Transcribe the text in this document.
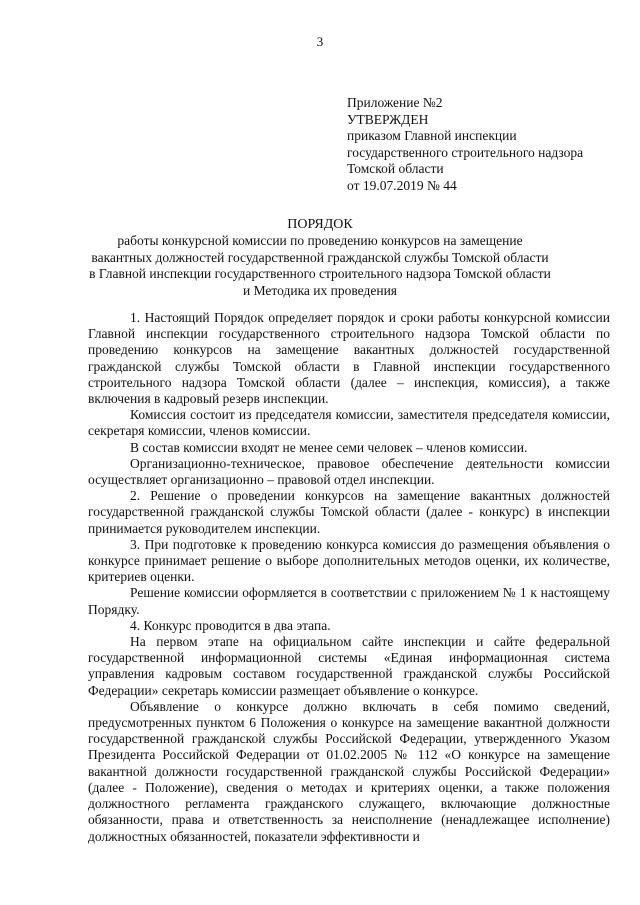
3
Приложение №2
УТВЕРЖДЕН
приказом Главной инспекции
государственного строительного надзора
Томской области
от 19.07.2019 № 44
ПОРЯДОК
работы конкурсной комиссии по проведению конкурсов на замещение вакантных должностей государственной гражданской службы Томской области в Главной инспекции государственного строительного надзора Томской области и Методика их проведения

1. Настоящий Порядок определяет порядок и сроки работы конкурсной комиссии Главной инспекции государственного строительного надзора Томской области по проведению конкурсов на замещение вакантных должностей государственной гражданской службы Томской области в Главной инспекции государственного строительного надзора Томской области (далее – инспекция, комиссия), а также включения в кадровый резерв инспекции.

Комиссия состоит из председателя комиссии, заместителя председателя комиссии, секретаря комиссии, членов комиссии.

В состав комиссии входят не менее семи человек – членов комиссии.

Организационно-техническое, правовое обеспечение деятельности комиссии осуществляет организационно – правовой отдел инспекции.

2. Решение о проведении конкурсов на замещение вакантных должностей государственной гражданской службы Томской области (далее - конкурс) в инспекции принимается руководителем инспекции.

3. При подготовке к проведению конкурса комиссия до размещения объявления о конкурсе принимает решение о выборе дополнительных методов оценки, их количестве, критериев оценки.

Решение комиссии оформляется в соответствии с приложением № 1 к настоящему Порядку.

4. Конкурс проводится в два этапа.

На первом этапе на официальном сайте инспекции и сайте федеральной государственной информационной системы «Единая информационная система управления кадровым составом государственной гражданской службы Российской Федерации» секретарь комиссии размещает объявление о конкурсе.

Объявление о конкурсе должно включать в себя помимо сведений, предусмотренных пунктом 6 Положения о конкурсе на замещение вакантной должности государственной гражданской службы Российской Федерации, утвержденного Указом Президента Российской Федерации от 01.02.2005 № 112 «О конкурсе на замещение вакантной должности государственной гражданской службы Российской Федерации» (далее - Положение), сведения о методах и критериях оценки, а также положения должностного регламента гражданского служащего, включающие должностные обязанности, права и ответственность за неисполнение (ненадлежащее исполнение) должностных обязанностей, показатели эффективности и
